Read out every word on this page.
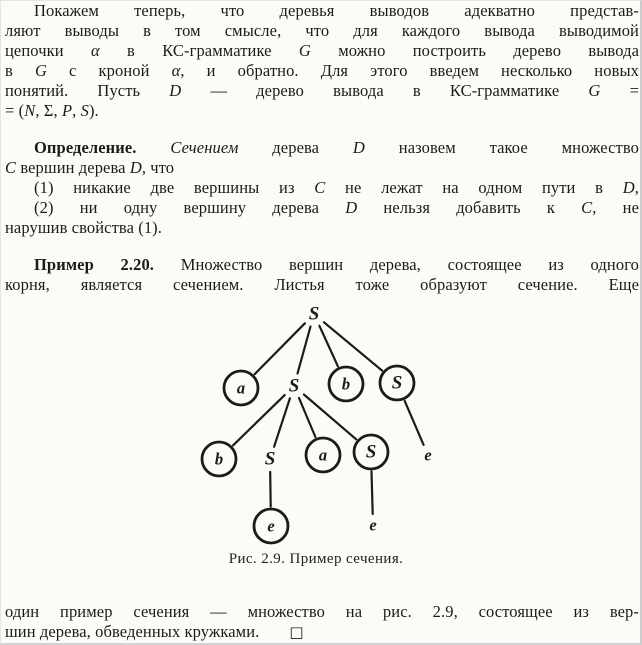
S
a S	b S
b S	a S	e
e	e
Рис. 2.9. Пример сечения.
Покажем теперь, что деревья выводов адекватно представ-
ляют выводы в том смысле, что для каждого вывода выводимой
цепочки α в КС-грамматике G можно построить дерево вывода
в G с кроной α, и обратно. Для этого введем несколько новых
понятий. Пусть D — дерево вывода в КС-грамматике G =
= (N, Σ, P, S).
Определение. Сечением дерева D назовем такое множество
C вершин дерева D, что
(1) никакие две вершины из C не лежат на одном пути в D,
(2) ни одну вершину дерева D нельзя добавить к C, не
нарушив свойства (1).
Пример 2.20. Множество вершин дерева, состоящее из одного
корня, является сечением. Листья тоже образуют сечение. Еще
один пример сечения — множество на рис. 2.9, состоящее из вер-
шин дерева, обведенных кружками. □
